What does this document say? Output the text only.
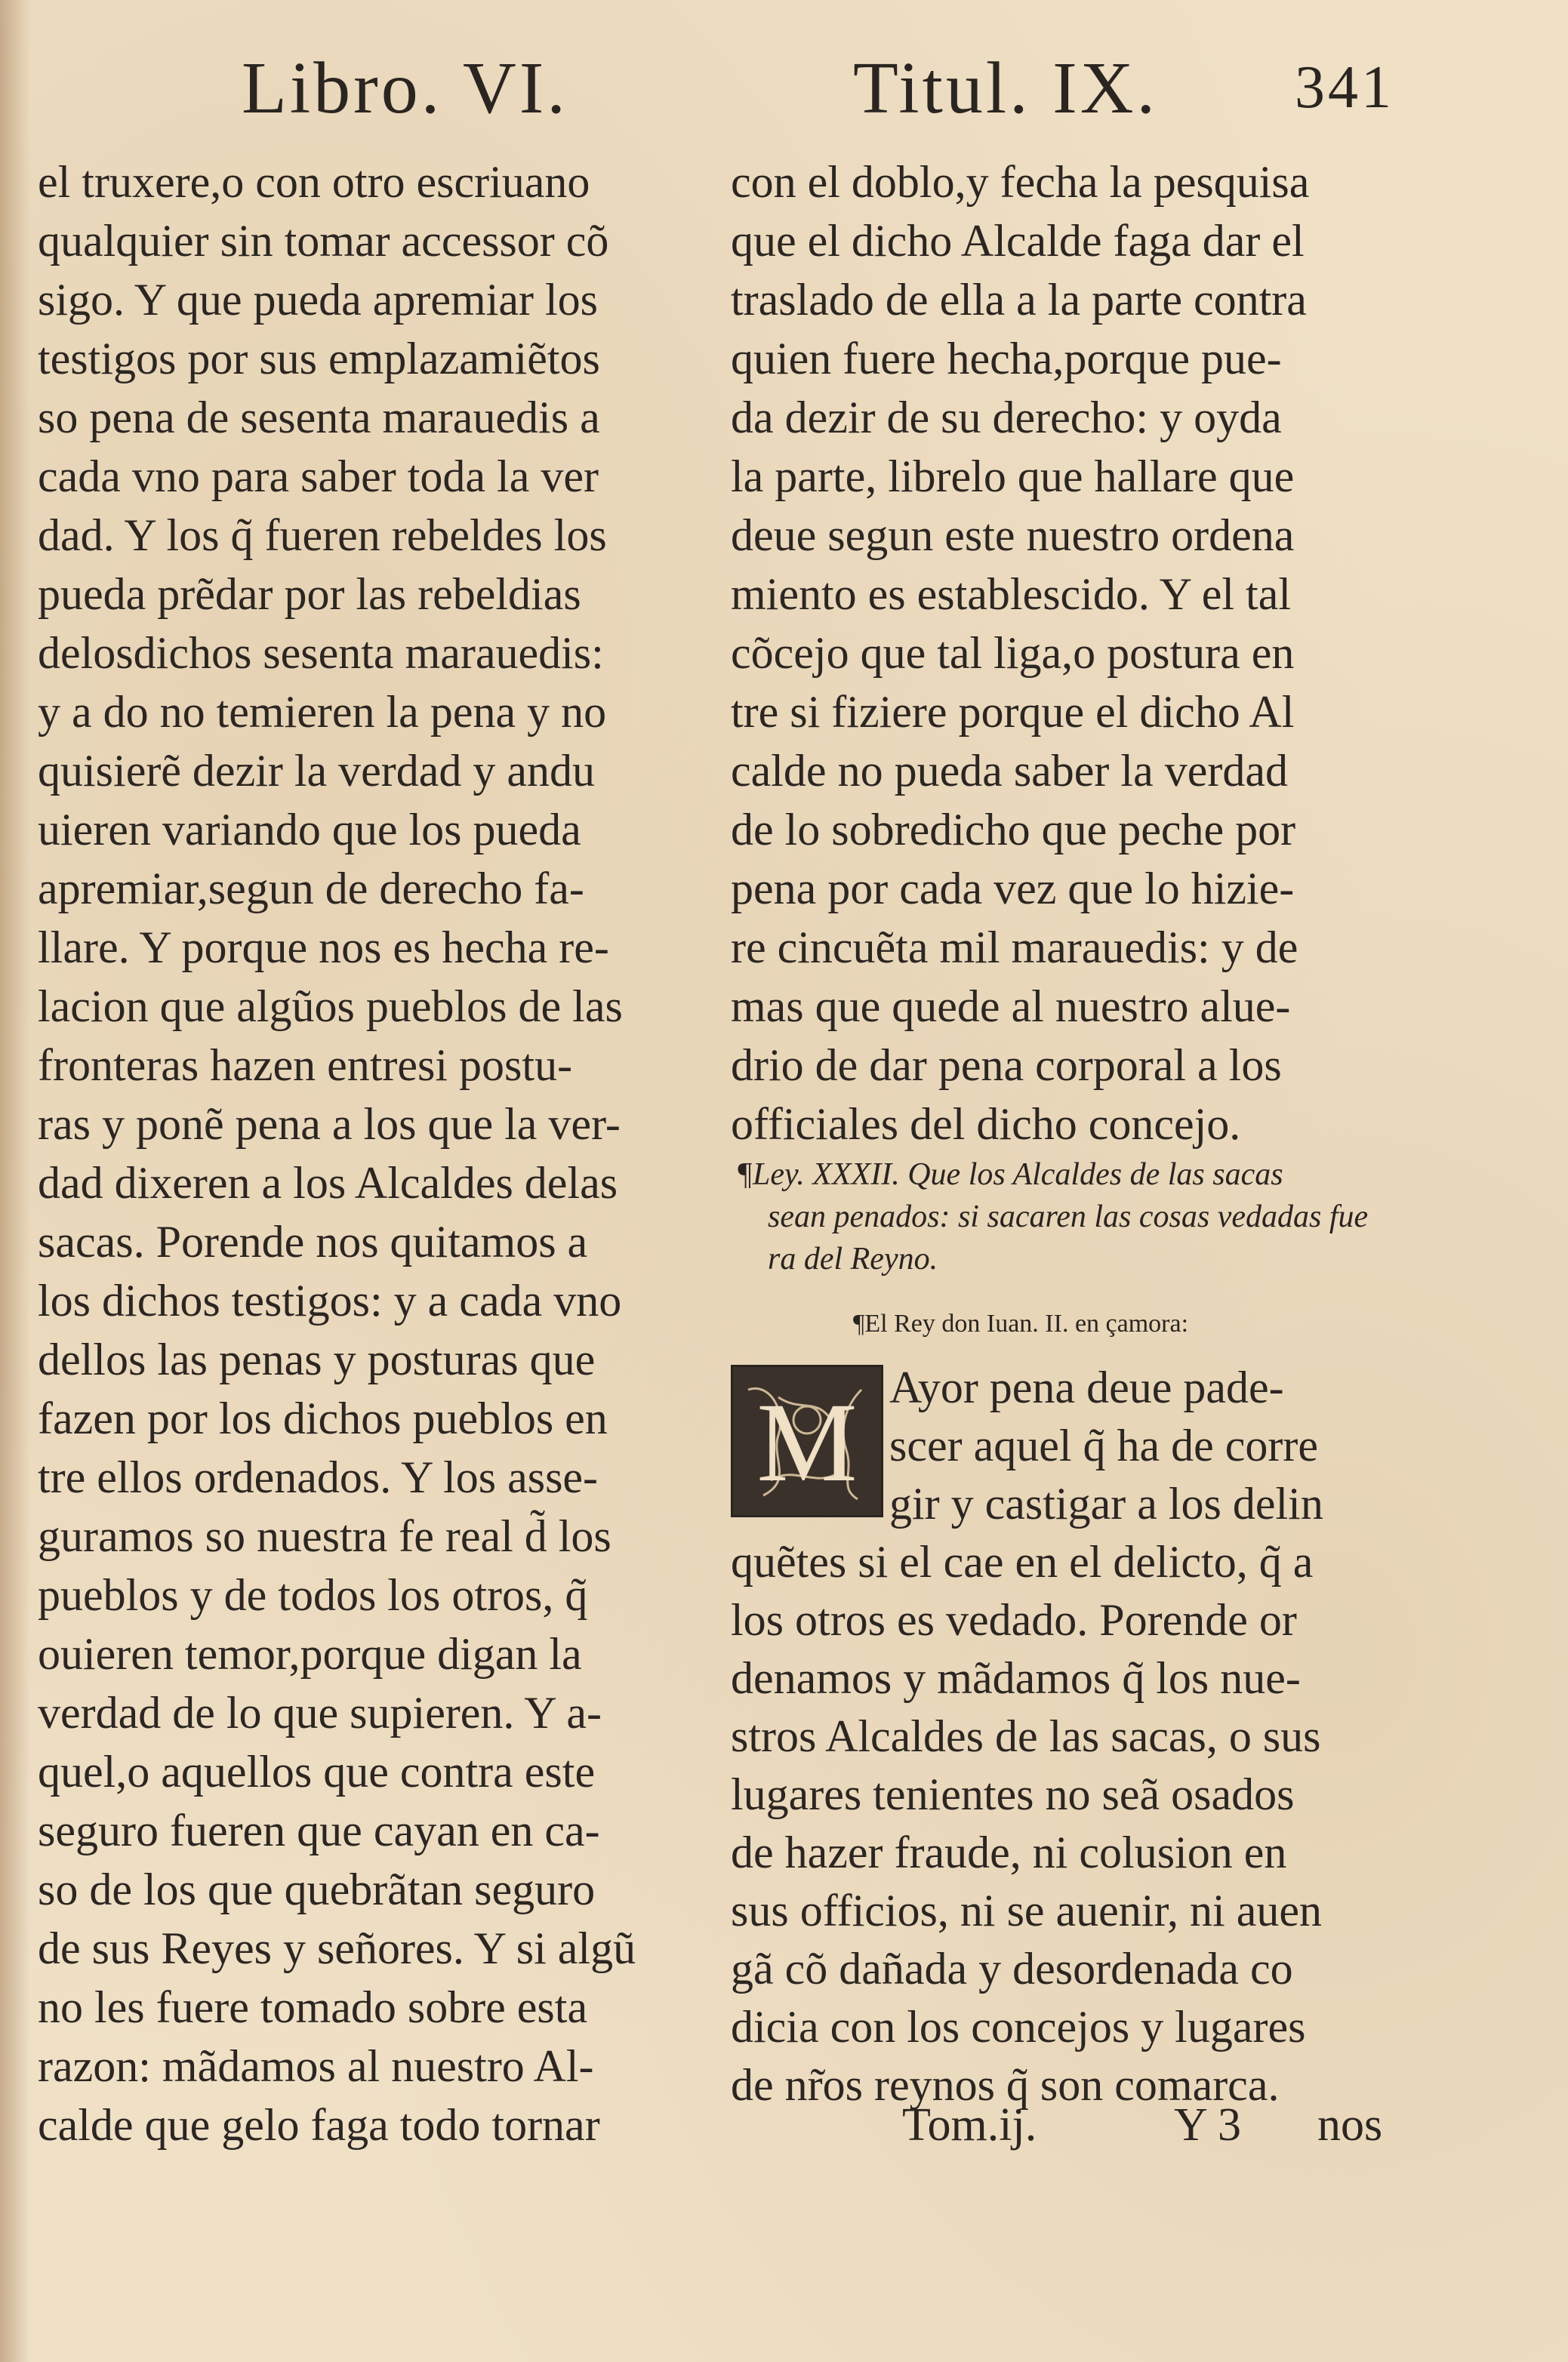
Libro. VI.	Titul. IX. 341
el truxere,o con otro escriuano
qualquier sin tomar accessor cõ
sigo. Y que pueda apremiar los
testigos por sus emplazamiẽtos
so pena de sesenta marauedis a
cada vno para saber toda la ver
dad. Y los q̃ fueren rebeldes los
pueda prẽdar por las rebeldias
delosdichos sesenta marauedis:
y a do no temieren la pena y no
quisierẽ dezir la verdad y andu
uieren variando que los pueda
apremiar,segun de derecho fa-
llare. Y porque nos es hecha re-
lacion que algũos pueblos de las
fronteras hazen entresi postu-
ras y ponẽ pena a los que la ver-
dad dixeren a los Alcaldes delas
sacas. Porende nos quitamos a
los dichos testigos: y a cada vno
dellos las penas y posturas que
fazen por los dichos pueblos en
tre ellos ordenados. Y los asse-
guramos so nuestra fe real d̃ los
pueblos y de todos los otros, q̃
ouieren temor,porque digan la
verdad de lo que supieren. Y a-
quel,o aquellos que contra este
seguro fueren que cayan en ca-
so de los que quebrãtan seguro
de sus Reyes y señores. Y si algũ
no les fuere tomado sobre esta
razon: mãdamos al nuestro Al-
calde que gelo faga todo tornar
con el doblo,y fecha la pesquisa
que el dicho Alcalde faga dar el
traslado de ella a la parte contra
quien fuere hecha,porque pue-
da dezir de su derecho: y oyda
la parte, librelo que hallare que
deue segun este nuestro ordena
miento es establescido. Y el tal
cõcejo que tal liga,o postura en
tre si fiziere porque el dicho Al
calde no pueda saber la verdad
de lo sobredicho que peche por
pena por cada vez que lo hizie-
re cincuẽta mil marauedis: y de
mas que quede al nuestro alue-
drio de dar pena corporal a los
officiales del dicho concejo.
¶Ley. XXXII. Que los Alcaldes de las sacas
sean penados: si sacaren las cosas vedadas fue
ra del Reyno.
¶El Rey don Iuan. II. en çamora:
M Ayor pena deue pade-
scer aquel q̃ ha de corre
gir y castigar a los delin
quẽtes si el cae en el delicto, q̃ a
los otros es vedado. Porende or
denamos y mãdamos q̃ los nue-
stros Alcaldes de las sacas, o sus
lugares tenientes no seã osados
de hazer fraude, ni colusion en
sus officios, ni se auenir, ni auen
gã cõ dañada y desordenada co
dicia con los concejos y lugares
de nr̃os reynos q̃ son comarca.
Tom.ij.	Y 3 nos
